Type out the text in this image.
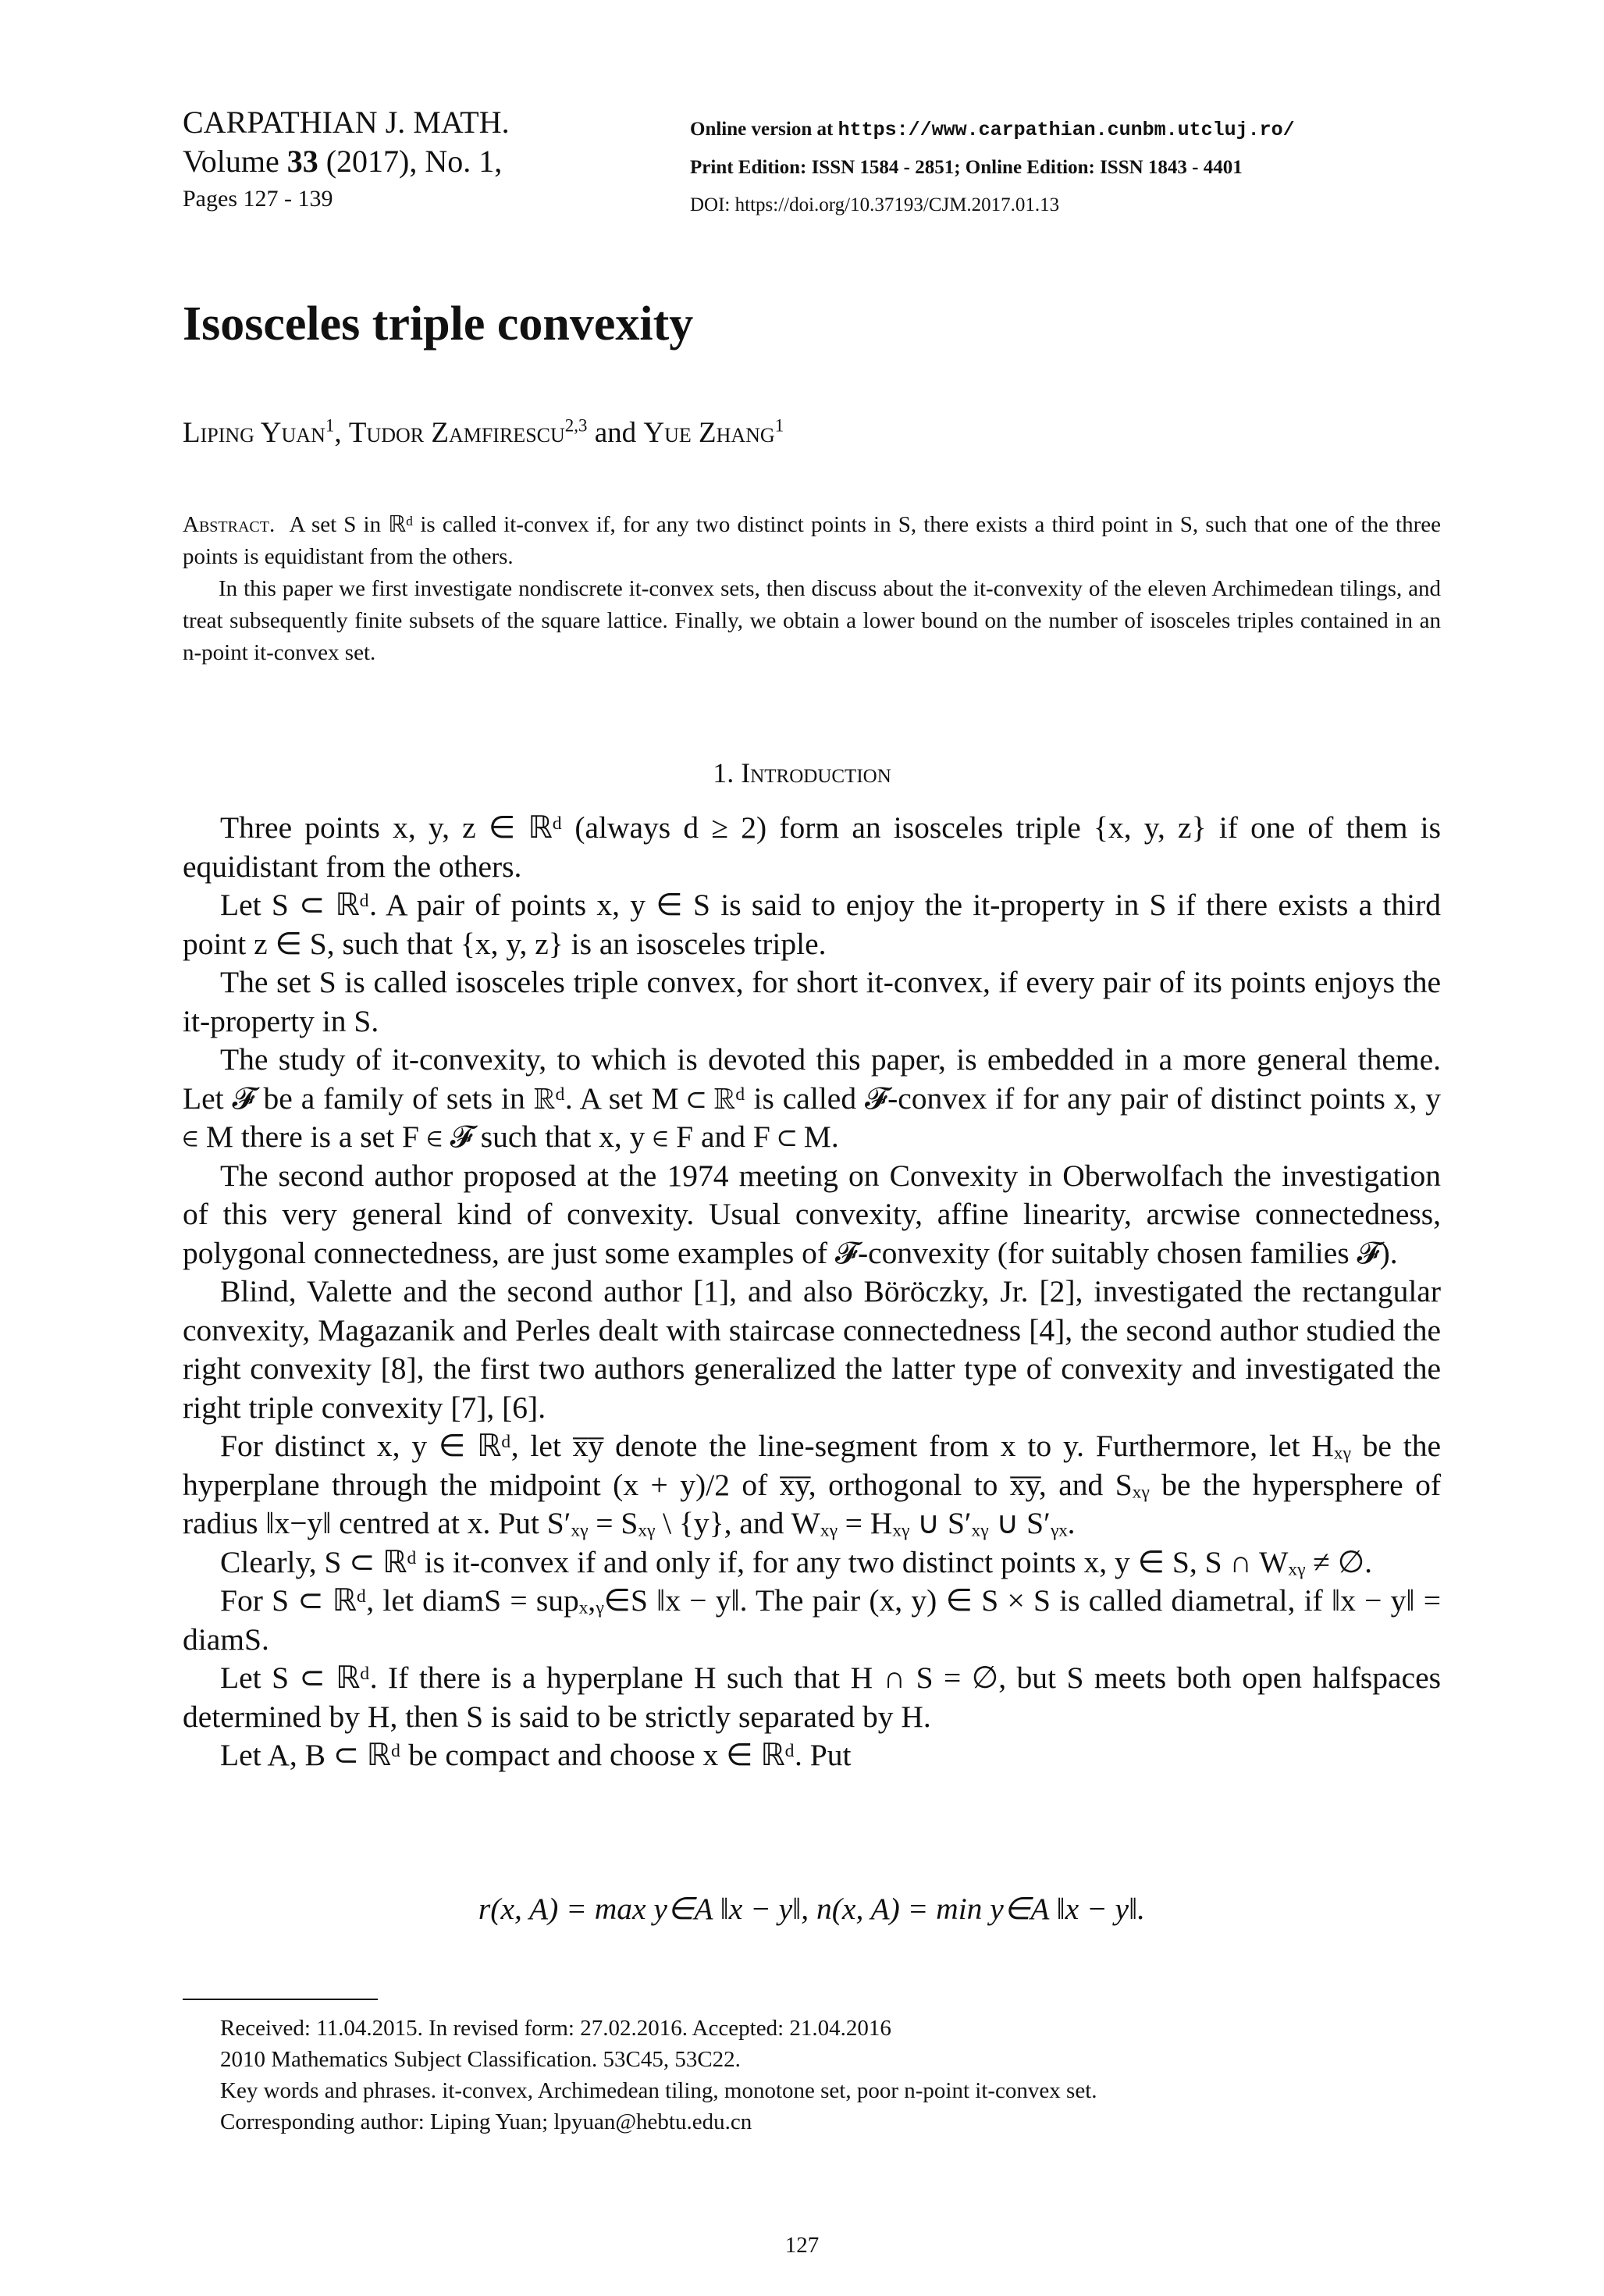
CARPATHIAN J. MATH.
Volume 33 (2017), No. 1,
Pages 127 - 139
Online version at https://www.carpathian.cunbm.utcluj.ro/
Print Edition: ISSN 1584 - 2851; Online Edition: ISSN 1843 - 4401
DOI: https://doi.org/10.37193/CJM.2017.01.13
Isosceles triple convexity
Liping Yuan$^1$, Tudor Zamfirescu$^{2,3}$ and Yue Zhang$^1$

Abstract. A set S in ℝᵈ is called it-convex if, for any two distinct points in S, there exists a third point in S, such that one of the three points is equidistant from the others.

In this paper we first investigate nondiscrete it-convex sets, then discuss about the it-convexity of the eleven Archimedean tilings, and treat subsequently finite subsets of the square lattice. Finally, we obtain a lower bound on the number of isosceles triples contained in an n-point it-convex set.

1. Introduction

Three points x, y, z ∈ ℝᵈ (always d ≥ 2) form an isosceles triple {x, y, z} if one of them is equidistant from the others.

Let S ⊂ ℝᵈ. A pair of points x, y ∈ S is said to enjoy the it-property in S if there exists a third point z ∈ S, such that {x, y, z} is an isosceles triple.

The set S is called isosceles triple convex, for short it-convex, if every pair of its points enjoys the it-property in S.

The study of it-convexity, to which is devoted this paper, is embedded in a more general theme. Let 𝓕 be a family of sets in ℝᵈ. A set M ⊂ ℝᵈ is called 𝓕-convex if for any pair of distinct points x, y ∈ M there is a set F ∈ 𝓕 such that x, y ∈ F and F ⊂ M.

The second author proposed at the 1974 meeting on Convexity in Oberwolfach the investigation of this very general kind of convexity. Usual convexity, affine linearity, arcwise connectedness, polygonal connectedness, are just some examples of 𝓕-convexity (for suitably chosen families 𝓕).

Blind, Valette and the second author [1], and also Böröczky, Jr. [2], investigated the rectangular convexity, Magazanik and Perles dealt with staircase connectedness [4], the second author studied the right convexity [8], the first two authors generalized the latter type of convexity and investigated the right triple convexity [7], [6].

For distinct x, y ∈ ℝᵈ, let x̅y̅ denote the line-segment from x to y. Furthermore, let Hₓᵧ be the hyperplane through the midpoint (x + y)/2 of x̅y̅, orthogonal to x̅y̅, and Sₓᵧ be the hypersphere of radius ‖x−y‖ centred at x. Put S′ₓᵧ = Sₓᵧ \ {y}, and Wₓᵧ = Hₓᵧ ∪ S′ₓᵧ ∪ S′ᵧₓ.

Clearly, S ⊂ ℝᵈ is it-convex if and only if, for any two distinct points x, y ∈ S, S ∩ Wₓᵧ ≠ ∅.

For S ⊂ ℝᵈ, let diamS = supₓ,ᵧ∈S ‖x − y‖. The pair (x, y) ∈ S × S is called diametral, if ‖x − y‖ = diamS.

Let S ⊂ ℝᵈ. If there is a hyperplane H such that H ∩ S = ∅, but S meets both open halfspaces determined by H, then S is said to be strictly separated by H.

Let A, B ⊂ ℝᵈ be compact and choose x ∈ ℝᵈ. Put

r(x, A) = max y∈A ‖x − y‖, n(x, A) = min y∈A ‖x − y‖.
Received: 11.04.2015. In revised form: 27.02.2016. Accepted: 21.04.2016
2010 Mathematics Subject Classification. 53C45, 53C22.
Key words and phrases. it-convex, Archimedean tiling, monotone set, poor n-point it-convex set.
Corresponding author: Liping Yuan; lpyuan@hebtu.edu.cn
127
